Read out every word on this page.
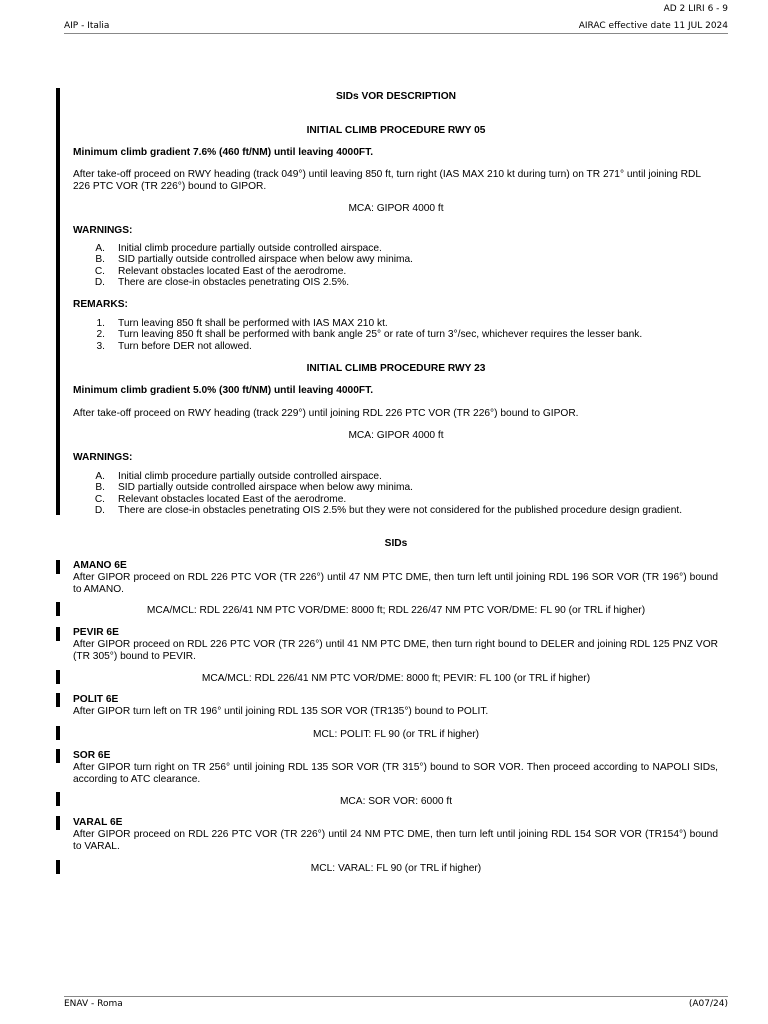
AD 2 LIRI 6 - 9
AIP - Italia	AIRAC effective date 11 JUL 2024
SIDs VOR DESCRIPTION
INITIAL CLIMB PROCEDURE RWY 05
Minimum climb gradient 7.6% (460 ft/NM) until leaving 4000FT.
After take-off proceed on RWY heading (track 049°) until leaving 850 ft, turn right (IAS MAX 210 kt during turn) on TR 271° until joining RDL 226 PTC VOR (TR 226°) bound to GIPOR.
MCA: GIPOR 4000 ft
WARNINGS:
A.	Initial climb procedure partially outside controlled airspace.
B.	SID partially outside controlled airspace when below awy minima.
C.	Relevant obstacles located East of the aerodrome.
D.	There are close-in obstacles penetrating OIS 2.5%.
REMARKS:
1.	Turn leaving 850 ft shall be performed with IAS MAX 210 kt.
2.	Turn leaving 850 ft shall be performed with bank angle 25° or rate of turn 3°/sec, whichever requires the lesser bank.
3.	Turn before DER not allowed.
INITIAL CLIMB PROCEDURE RWY 23
Minimum climb gradient 5.0% (300 ft/NM) until leaving 4000FT.
After take-off proceed on RWY heading (track 229°) until joining RDL 226 PTC VOR (TR 226°) bound to GIPOR.
MCA: GIPOR 4000 ft
WARNINGS:
A.	Initial climb procedure partially outside controlled airspace.
B.	SID partially outside controlled airspace when below awy minima.
C.	Relevant obstacles located East of the aerodrome.
D.	There are close-in obstacles penetrating OIS 2.5% but they were not considered for the published procedure design gradient.
SIDs
AMANO 6E
After GIPOR proceed on RDL 226 PTC VOR (TR 226°) until 47 NM PTC DME, then turn left until joining RDL 196 SOR VOR (TR 196°) bound to AMANO.
MCA/MCL: RDL 226/41 NM PTC VOR/DME: 8000 ft; RDL 226/47 NM PTC VOR/DME: FL 90 (or TRL if higher)
PEVIR 6E
After GIPOR proceed on RDL 226 PTC VOR (TR 226°) until 41 NM PTC DME, then turn right bound to DELER and joining RDL 125 PNZ VOR (TR 305°) bound to PEVIR.
MCA/MCL: RDL 226/41 NM PTC VOR/DME: 8000 ft; PEVIR: FL 100 (or TRL if higher)
POLIT 6E
After GIPOR turn left on TR 196° until joining RDL 135 SOR VOR (TR135°) bound to POLIT.
MCL: POLIT: FL 90 (or TRL if higher)
SOR 6E
After GIPOR turn right on TR 256° until joining RDL 135 SOR VOR (TR 315°) bound to SOR VOR. Then proceed according to NAPOLI SIDs, according to ATC clearance.
MCA: SOR VOR: 6000 ft
VARAL 6E
After GIPOR proceed on RDL 226 PTC VOR (TR 226°) until 24 NM PTC DME, then turn left until joining RDL 154 SOR VOR (TR154°) bound to VARAL.
MCL: VARAL: FL 90 (or TRL if higher)
ENAV - Roma	(A07/24)
